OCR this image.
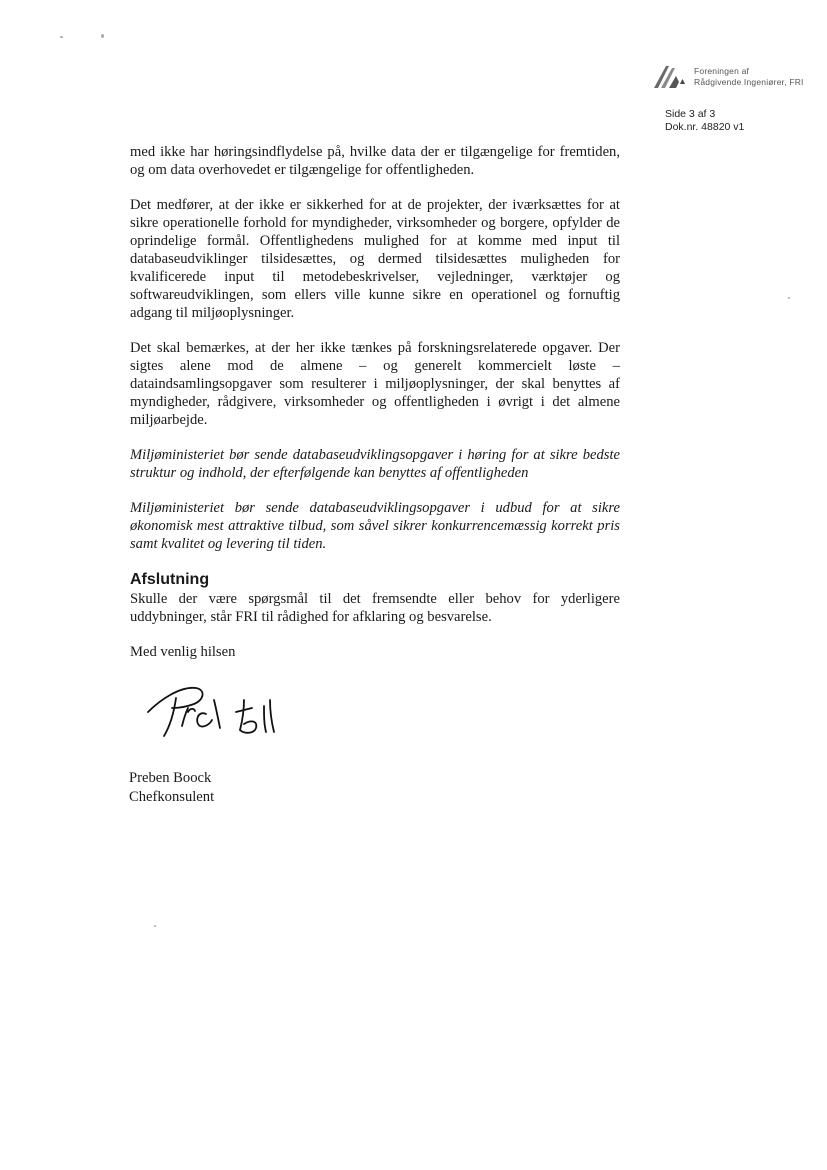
Foreningen af
Rådgivende Ingeniører, FRI
Side 3 af 3
Dok.nr. 48820 v1

med ikke har høringsindflydelse på, hvilke data der er tilgængelige for fremtiden, og om data overhovedet er tilgængelige for offentligheden.

Det medfører, at der ikke er sikkerhed for at de projekter, der iværksættes for at sikre operationelle forhold for myndigheder, virksomheder og borgere, opfylder de oprindelige formål. Offentlighedens mulighed for at komme med input til databaseudviklinger tilsidesættes, og dermed tilsidesættes muligheden for kvalificerede input til metodebeskrivelser, vejledninger, værktøjer og softwareudviklingen, som ellers ville kunne sikre en operationel og fornuftig adgang til miljøoplysninger.

Det skal bemærkes, at der her ikke tænkes på forskningsrelaterede opgaver. Der sigtes alene mod de almene – og generelt kommercielt løste – dataindsamlingsopgaver som resulterer i miljøoplysninger, der skal benyttes af myndigheder, rådgivere, virksomheder og offentligheden i øvrigt i det almene miljøarbejde.

Miljøministeriet bør sende databaseudviklingsopgaver i høring for at sikre bedste struktur og indhold, der efterfølgende kan benyttes af offentligheden

Miljøministeriet bør sende databaseudviklingsopgaver i udbud for at sikre økonomisk mest attraktive tilbud, som såvel sikrer konkurrencemæssig korrekt pris samt kvalitet og levering til tiden.

Afslutning

Skulle der være spørgsmål til det fremsendte eller behov for yderligere uddybninger, står FRI til rådighed for afklaring og besvarelse.

Med venlig hilsen

Preben Boock
Chefkonsulent
